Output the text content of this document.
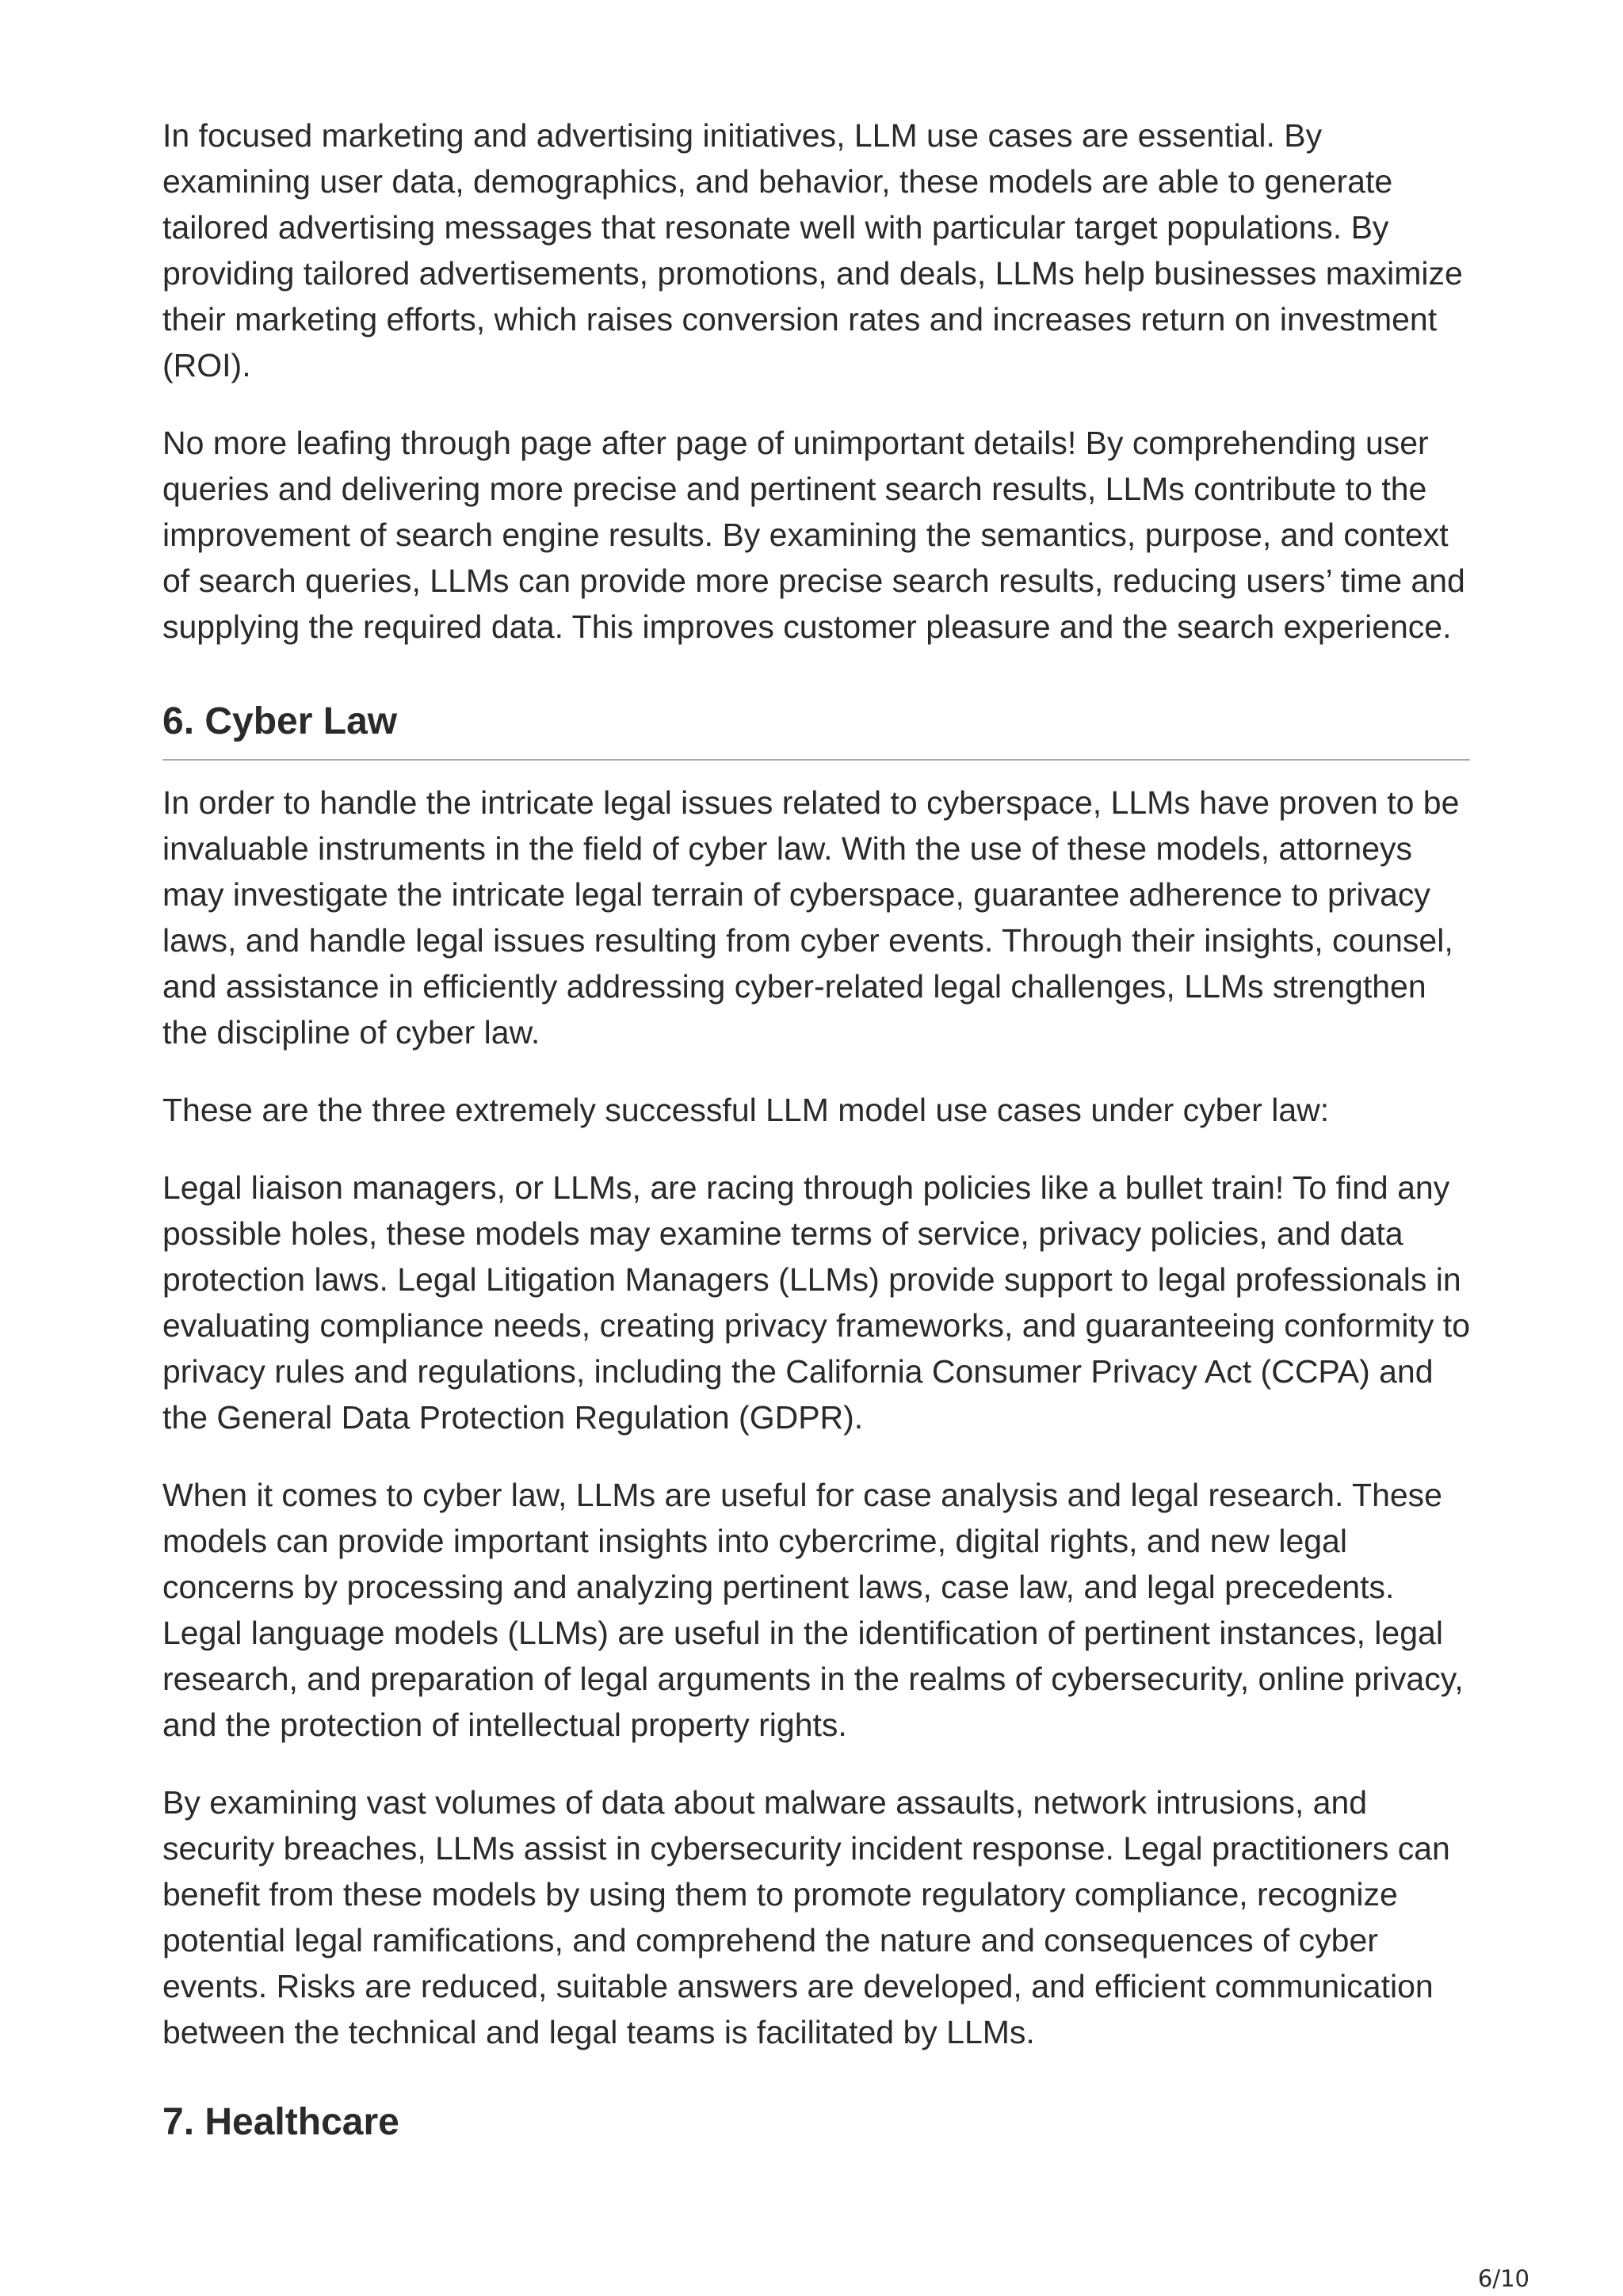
In focused marketing and advertising initiatives, LLM use cases are essential. By examining user data, demographics, and behavior, these models are able to generate tailored advertising messages that resonate well with particular target populations. By providing tailored advertisements, promotions, and deals, LLMs help businesses maximize their marketing efforts, which raises conversion rates and increases return on investment (ROI).

No more leafing through page after page of unimportant details! By comprehending user queries and delivering more precise and pertinent search results, LLMs contribute to the improvement of search engine results. By examining the semantics, purpose, and context of search queries, LLMs can provide more precise search results, reducing users’ time and supplying the required data. This improves customer pleasure and the search experience.

6. Cyber Law

In order to handle the intricate legal issues related to cyberspace, LLMs have proven to be invaluable instruments in the field of cyber law. With the use of these models, attorneys may investigate the intricate legal terrain of cyberspace, guarantee adherence to privacy laws, and handle legal issues resulting from cyber events. Through their insights, counsel, and assistance in efficiently addressing cyber-related legal challenges, LLMs strengthen the discipline of cyber law.

These are the three extremely successful LLM model use cases under cyber law:

Legal liaison managers, or LLMs, are racing through policies like a bullet train! To find any possible holes, these models may examine terms of service, privacy policies, and data protection laws. Legal Litigation Managers (LLMs) provide support to legal professionals in evaluating compliance needs, creating privacy frameworks, and guaranteeing conformity to privacy rules and regulations, including the California Consumer Privacy Act (CCPA) and the General Data Protection Regulation (GDPR).

When it comes to cyber law, LLMs are useful for case analysis and legal research. These models can provide important insights into cybercrime, digital rights, and new legal concerns by processing and analyzing pertinent laws, case law, and legal precedents. Legal language models (LLMs) are useful in the identification of pertinent instances, legal research, and preparation of legal arguments in the realms of cybersecurity, online privacy, and the protection of intellectual property rights.

By examining vast volumes of data about malware assaults, network intrusions, and security breaches, LLMs assist in cybersecurity incident response. Legal practitioners can benefit from these models by using them to promote regulatory compliance, recognize potential legal ramifications, and comprehend the nature and consequences of cyber events. Risks are reduced, suitable answers are developed, and efficient communication between the technical and legal teams is facilitated by LLMs.

7. Healthcare
6/10
